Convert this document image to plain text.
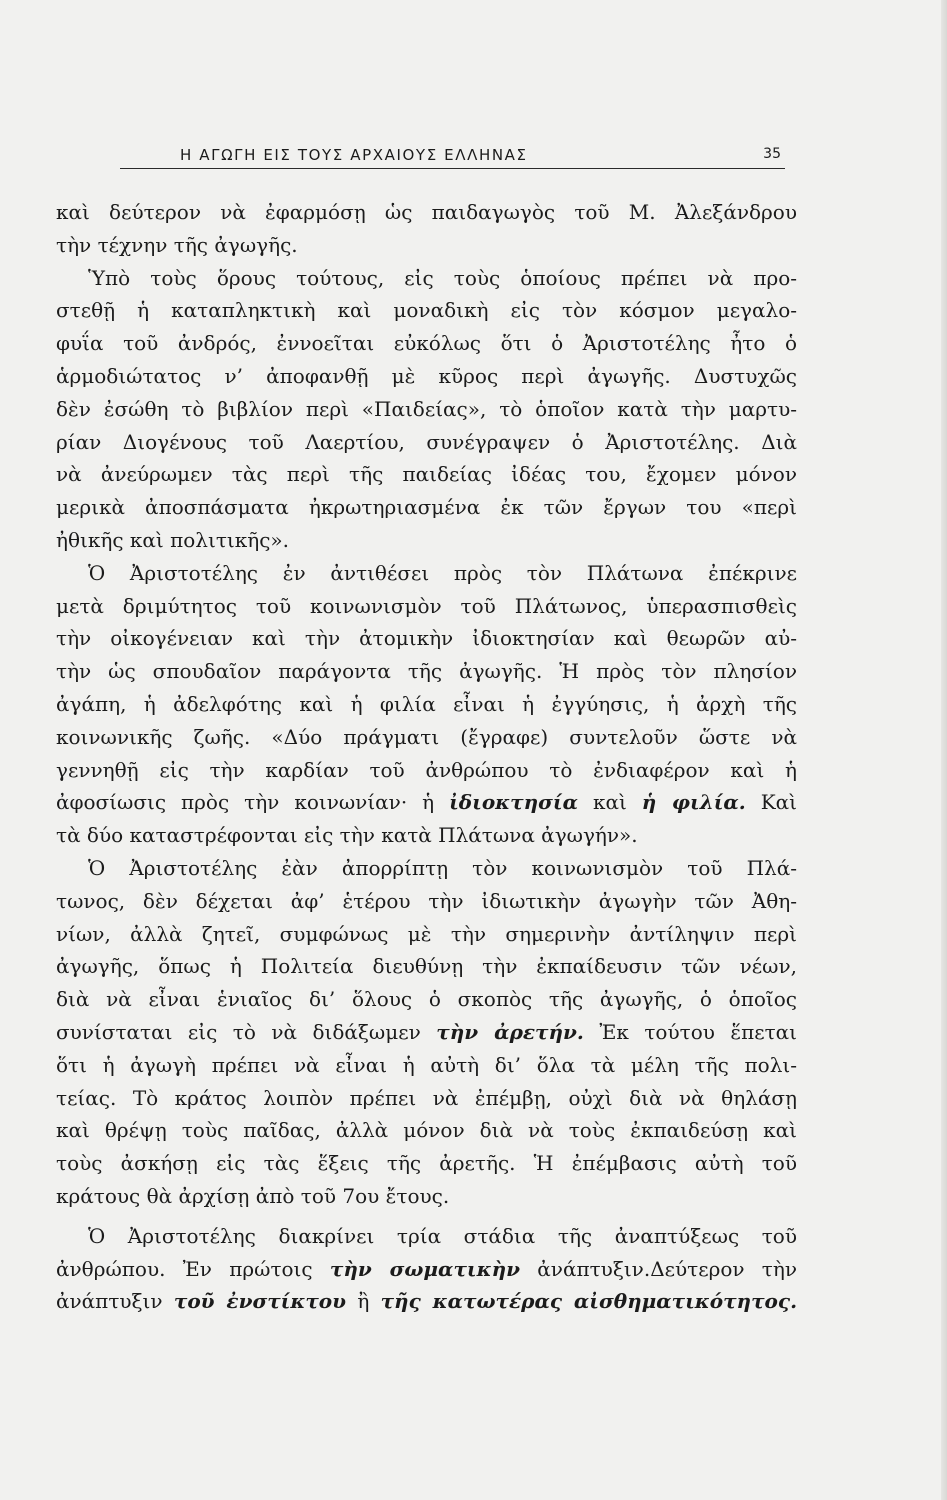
Η ΑΓΩΓΗ ΕΙΣ ΤΟΥΣ ΑΡΧΑΙΟΥΣ ΕΛΛΗΝΑΣ	35
καὶ δεύτερον νὰ ἐφαρμόσῃ ὡς παιδαγωγὸς τοῦ Μ. Ἀλεξάνδρου
τὴν τέχνην τῆς ἀγωγῆς.
Ὑπὸ τοὺς ὅρους τούτους, εἰς τοὺς ὁποίους πρέπει νὰ προ-
στεθῇ ἡ καταπληκτικὴ καὶ μοναδικὴ εἰς τὸν κόσμον μεγαλο-
φυΐα τοῦ ἀνδρός, ἐννοεῖται εὐκόλως ὅτι ὁ Ἀριστοτέλης ἦτο ὁ
ἁρμοδιώτατος ν’ ἀποφανθῇ μὲ κῦρος περὶ ἀγωγῆς. Δυστυχῶς
δὲν ἐσώθη τὸ βιβλίον περὶ «Παιδείας», τὸ ὁποῖον κατὰ τὴν μαρτυ-
ρίαν Διογένους τοῦ Λαερτίου, συνέγραψεν ὁ Ἀριστοτέλης. Διὰ
νὰ ἀνεύρωμεν τὰς περὶ τῆς παιδείας ἰδέας του, ἔχομεν μόνον
μερικὰ ἀποσπάσματα ἠκρωτηριασμένα ἐκ τῶν ἔργων του «περὶ
ἠθικῆς καὶ πολιτικῆς».
Ὁ Ἀριστοτέλης ἐν ἀντιθέσει πρὸς τὸν Πλάτωνα ἐπέκρινε
μετὰ δριμύτητος τοῦ κοινωνισμὸν τοῦ Πλάτωνος, ὑπερασπισθεὶς
τὴν οἰκογένειαν καὶ τὴν ἀτομικὴν ἰδιοκτησίαν καὶ θεωρῶν αὐ-
τὴν ὡς σπουδαῖον παράγοντα τῆς ἀγωγῆς. Ἡ πρὸς τὸν πλησίον
ἀγάπη, ἡ ἀδελφότης καὶ ἡ φιλία εἶναι ἡ ἐγγύησις, ἡ ἀρχὴ τῆς
κοινωνικῆς ζωῆς. «Δύο πράγματι (ἔγραφε) συντελοῦν ὥστε νὰ
γεννηθῇ εἰς τὴν καρδίαν τοῦ ἀνθρώπου τὸ ἐνδιαφέρον καὶ ἡ
ἀφοσίωσις πρὸς τὴν κοινωνίαν· ἡ ἰδιοκτησία καὶ ἡ φιλία. Καὶ
τὰ δύο καταστρέφονται εἰς τὴν κατὰ Πλάτωνα ἀγωγήν».
Ὁ Ἀριστοτέλης ἐὰν ἀπορρίπτῃ τὸν κοινωνισμὸν τοῦ Πλά-
τωνος, δὲν δέχεται ἀφ’ ἑτέρου τὴν ἰδιωτικὴν ἀγωγὴν τῶν Ἀθη-
νίων, ἀλλὰ ζητεῖ, συμφώνως μὲ τὴν σημερινὴν ἀντίληψιν περὶ
ἀγωγῆς, ὅπως ἡ Πολιτεία διευθύνῃ τὴν ἐκπαίδευσιν τῶν νέων,
διὰ νὰ εἶναι ἑνιαῖος δι’ ὅλους ὁ σκοπὸς τῆς ἀγωγῆς, ὁ ὁποῖος
συνίσταται εἰς τὸ νὰ διδάξωμεν τὴν ἀρετήν. Ἐκ τούτου ἕπεται
ὅτι ἡ ἀγωγὴ πρέπει νὰ εἶναι ἡ αὐτὴ δι’ ὅλα τὰ μέλη τῆς πολι-
τείας. Τὸ κράτος λοιπὸν πρέπει νὰ ἐπέμβῃ, οὐχὶ διὰ νὰ θηλάσῃ
καὶ θρέψῃ τοὺς παῖδας, ἀλλὰ μόνον διὰ νὰ τοὺς ἐκπαιδεύσῃ καὶ
τοὺς ἀσκήσῃ εἰς τὰς ἕξεις τῆς ἀρετῆς. Ἡ ἐπέμβασις αὐτὴ τοῦ
κράτους θὰ ἀρχίσῃ ἀπὸ τοῦ 7ου ἔτους.
Ὁ Ἀριστοτέλης διακρίνει τρία στάδια τῆς ἀναπτύξεως τοῦ
ἀνθρώπου. Ἐν πρώτοις τὴν σωματικὴν ἀνάπτυξιν.Δεύτερον τὴν
ἀνάπτυξιν τοῦ ἐνστίκτου ἢ τῆς κατωτέρας αἰσθηματικότητος.
